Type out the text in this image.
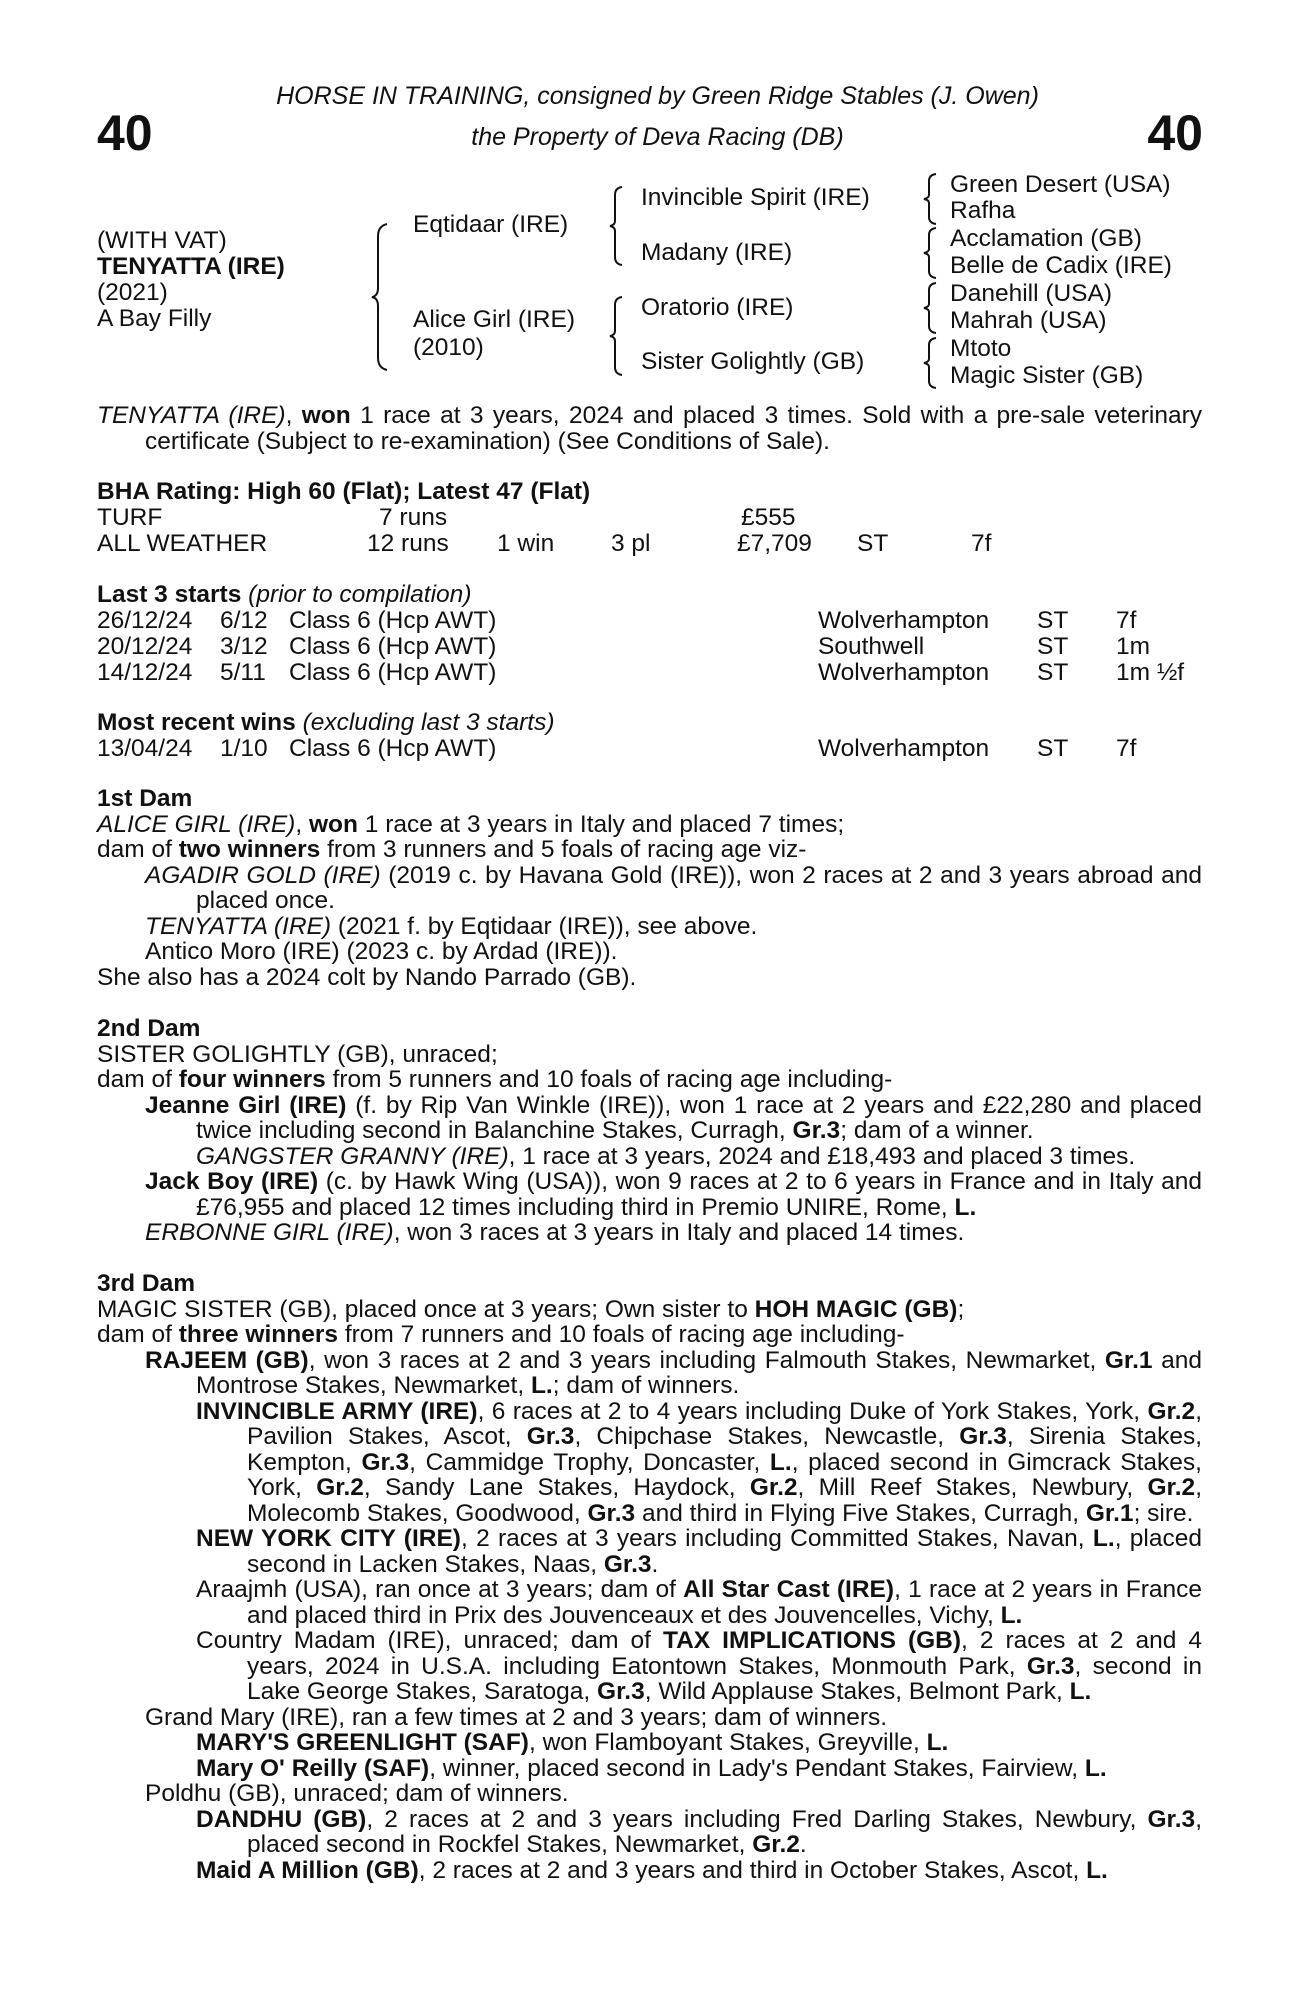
40	40
HORSE IN TRAINING, consigned by Green Ridge Stables (J. Owen)
the Property of Deva Racing (DB)
(WITH VAT)
TENYATTA (IRE)
(2021)
A Bay Filly
Eqtidaar (IRE)
Alice Girl (IRE)
(2010)
Invincible Spirit (IRE)
Madany (IRE)
Oratorio (IRE)
Sister Golightly (GB)
Green Desert (USA)
Rafha
Acclamation (GB)
Belle de Cadix (IRE)
Danehill (USA)
Mahrah (USA)
Mtoto
Magic Sister (GB)
TENYATTA (IRE), won 1 race at 3 years, 2024 and placed 3 times. Sold with a pre-sale veterinary certificate (Subject to re-examination) (See Conditions of Sale).
BHA Rating: High 60 (Flat); Latest 47 (Flat)
TURF	7 runs	£555
ALL WEATHER	12 runs 1 win 3 pl	£7,709 ST	7f
Last 3 starts (prior to compilation)
26/12/24 6/12 Class 6 (Hcp AWT)	Wolverhampton ST 7f
20/12/24 3/12 Class 6 (Hcp AWT)	Southwell	ST 1m
14/12/24 5/11 Class 6 (Hcp AWT)	Wolverhampton ST 1m ½f
Most recent wins (excluding last 3 starts)
13/04/24 1/10 Class 6 (Hcp AWT)	Wolverhampton ST 7f
1st Dam
ALICE GIRL (IRE), won 1 race at 3 years in Italy and placed 7 times;
dam of two winners from 3 runners and 5 foals of racing age viz-
AGADIR GOLD (IRE) (2019 c. by Havana Gold (IRE)), won 2 races at 2 and 3 years abroad and placed once.
TENYATTA (IRE) (2021 f. by Eqtidaar (IRE)), see above.
Antico Moro (IRE) (2023 c. by Ardad (IRE)).
She also has a 2024 colt by Nando Parrado (GB).
2nd Dam
SISTER GOLIGHTLY (GB), unraced;
dam of four winners from 5 runners and 10 foals of racing age including-
Jeanne Girl (IRE) (f. by Rip Van Winkle (IRE)), won 1 race at 2 years and £22,280 and placed twice including second in Balanchine Stakes, Curragh, Gr.3; dam of a winner.
GANGSTER GRANNY (IRE), 1 race at 3 years, 2024 and £18,493 and placed 3 times.
Jack Boy (IRE) (c. by Hawk Wing (USA)), won 9 races at 2 to 6 years in France and in Italy and £76,955 and placed 12 times including third in Premio UNIRE, Rome, L.
ERBONNE GIRL (IRE), won 3 races at 3 years in Italy and placed 14 times.
3rd Dam
MAGIC SISTER (GB), placed once at 3 years; Own sister to HOH MAGIC (GB);
dam of three winners from 7 runners and 10 foals of racing age including-
RAJEEM (GB), won 3 races at 2 and 3 years including Falmouth Stakes, Newmarket, Gr.1 and Montrose Stakes, Newmarket, L.; dam of winners.
INVINCIBLE ARMY (IRE), 6 races at 2 to 4 years including Duke of York Stakes, York, Gr.2, Pavilion Stakes, Ascot, Gr.3, Chipchase Stakes, Newcastle, Gr.3, Sirenia Stakes, Kempton, Gr.3, Cammidge Trophy, Doncaster, L., placed second in Gimcrack Stakes, York, Gr.2, Sandy Lane Stakes, Haydock, Gr.2, Mill Reef Stakes, Newbury, Gr.2, Molecomb Stakes, Goodwood, Gr.3 and third in Flying Five Stakes, Curragh, Gr.1; sire.
NEW YORK CITY (IRE), 2 races at 3 years including Committed Stakes, Navan, L., placed second in Lacken Stakes, Naas, Gr.3.
Araajmh (USA), ran once at 3 years; dam of All Star Cast (IRE), 1 race at 2 years in France and placed third in Prix des Jouvenceaux et des Jouvencelles, Vichy, L.
Country Madam (IRE), unraced; dam of TAX IMPLICATIONS (GB), 2 races at 2 and 4 years, 2024 in U.S.A. including Eatontown Stakes, Monmouth Park, Gr.3, second in Lake George Stakes, Saratoga, Gr.3, Wild Applause Stakes, Belmont Park, L.
Grand Mary (IRE), ran a few times at 2 and 3 years; dam of winners.
MARY'S GREENLIGHT (SAF), won Flamboyant Stakes, Greyville, L.
Mary O' Reilly (SAF), winner, placed second in Lady's Pendant Stakes, Fairview, L.
Poldhu (GB), unraced; dam of winners.
DANDHU (GB), 2 races at 2 and 3 years including Fred Darling Stakes, Newbury, Gr.3, placed second in Rockfel Stakes, Newmarket, Gr.2.
Maid A Million (GB), 2 races at 2 and 3 years and third in October Stakes, Ascot, L.
